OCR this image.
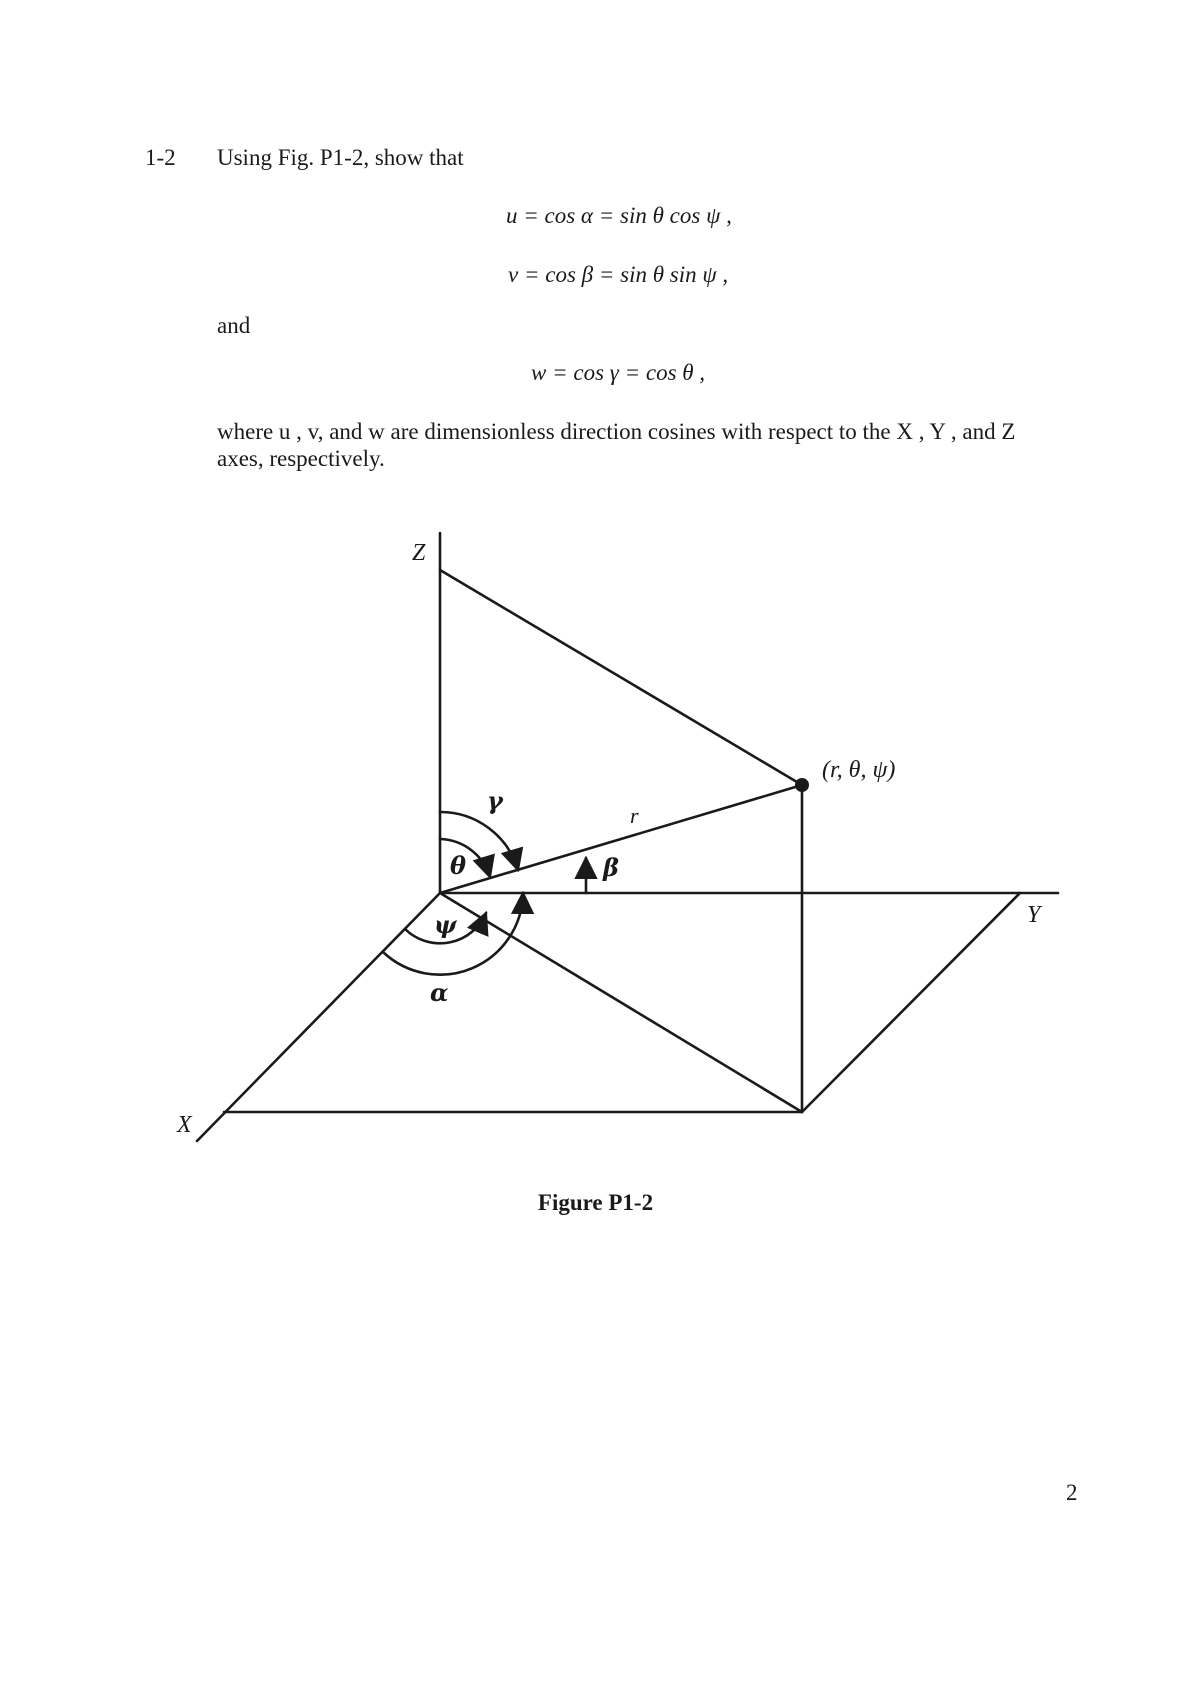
1-2 Using Fig. P1-2, show that
u = cos α = sin θ cos ψ ,
v = cos β = sin θ sin ψ ,
and
w = cos γ = cos θ ,
where u , v, and w are dimensionless direction cosines with respect to the X , Y , and Z
axes, respectively.
Z
Y
X
(r, θ, ψ)
r
γ
θ	β
ψ
α
Figure P1-2
2
